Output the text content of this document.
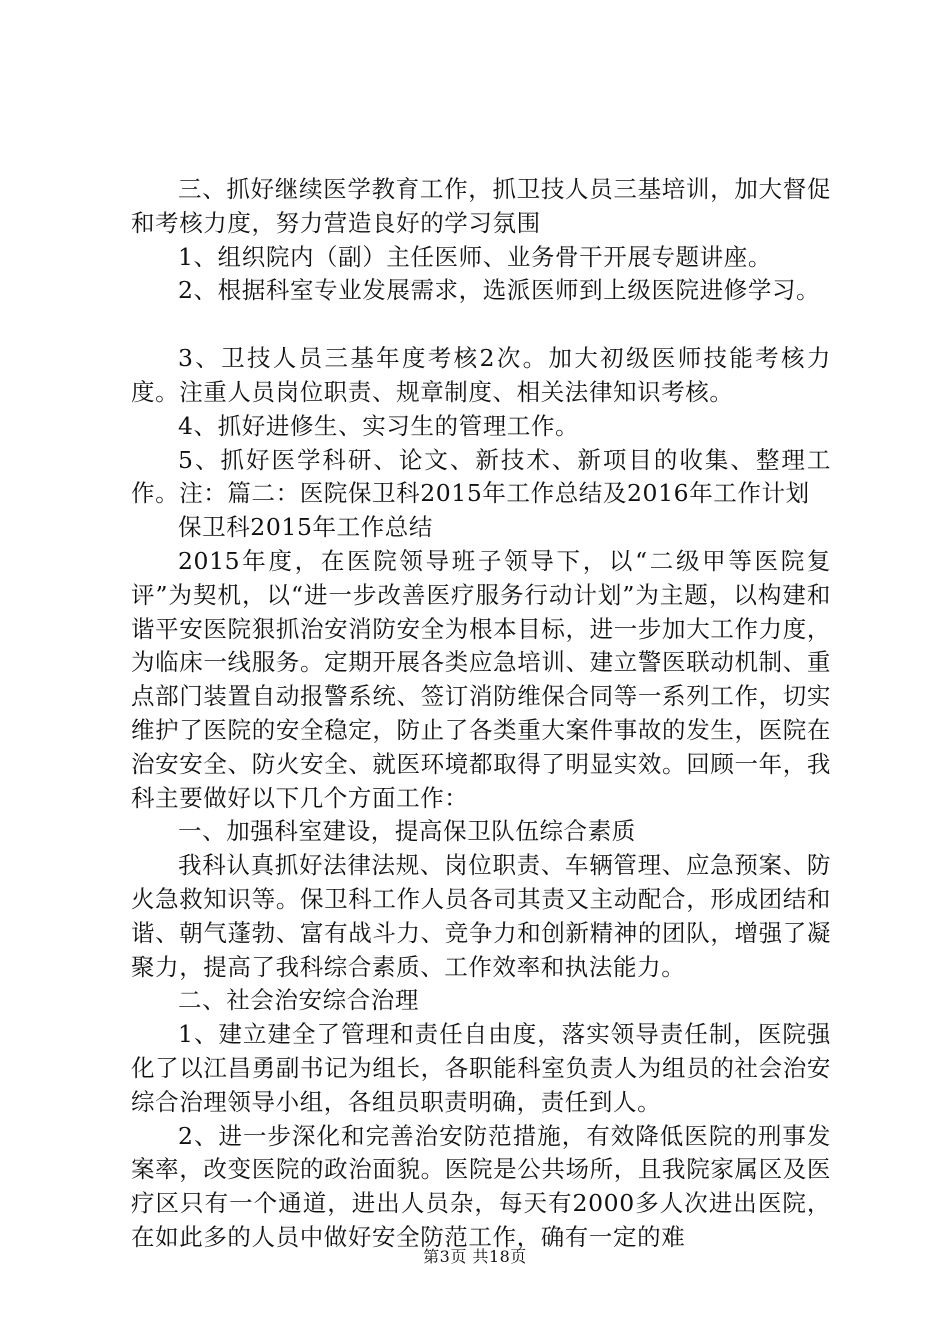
三、抓好继续医学教育工作，抓卫技人员三基培训，加大督促和考核力度，努力营造良好的学习氛围

1、组织院内（副）主任医师、业务骨干开展专题讲座。

2、根据科室专业发展需求，选派医师到上级医院进修学习。

3、卫技人员三基年度考核2次。加大初级医师技能考核力度。注重人员岗位职责、规章制度、相关法律知识考核。

4、抓好进修生、实习生的管理工作。

5、抓好医学科研、论文、新技术、新项目的收集、整理工作。注：篇二：医院保卫科2015年工作总结及2016年工作计划

保卫科2015年工作总结

2015年度，在医院领导班子领导下，以“二级甲等医院复评”为契机，以“进一步改善医疗服务行动计划”为主题，以构建和谐平安医院狠抓治安消防安全为根本目标，进一步加大工作力度，为临床一线服务。定期开展各类应急培训、建立警医联动机制、重点部门装置自动报警系统、签订消防维保合同等一系列工作，切实维护了医院的安全稳定，防止了各类重大案件事故的发生，医院在治安安全、防火安全、就医环境都取得了明显实效。回顾一年，我科主要做好以下几个方面工作：

一、加强科室建设，提高保卫队伍综合素质

我科认真抓好法律法规、岗位职责、车辆管理、应急预案、防火急救知识等。保卫科工作人员各司其责又主动配合，形成团结和谐、朝气蓬勃、富有战斗力、竞争力和创新精神的团队，增强了凝聚力，提高了我科综合素质、工作效率和执法能力。

二、社会治安综合治理

1、建立建全了管理和责任自由度，落实领导责任制，医院强化了以江昌勇副书记为组长，各职能科室负责人为组员的社会治安综合治理领导小组，各组员职责明确，责任到人。

2、进一步深化和完善治安防范措施，有效降低医院的刑事发案率，改变医院的政治面貌。医院是公共场所，且我院家属区及医疗区只有一个通道，进出人员杂，每天有2000多人次进出医院，在如此多的人员中做好安全防范工作，确有一定的难

第3页 共18页
